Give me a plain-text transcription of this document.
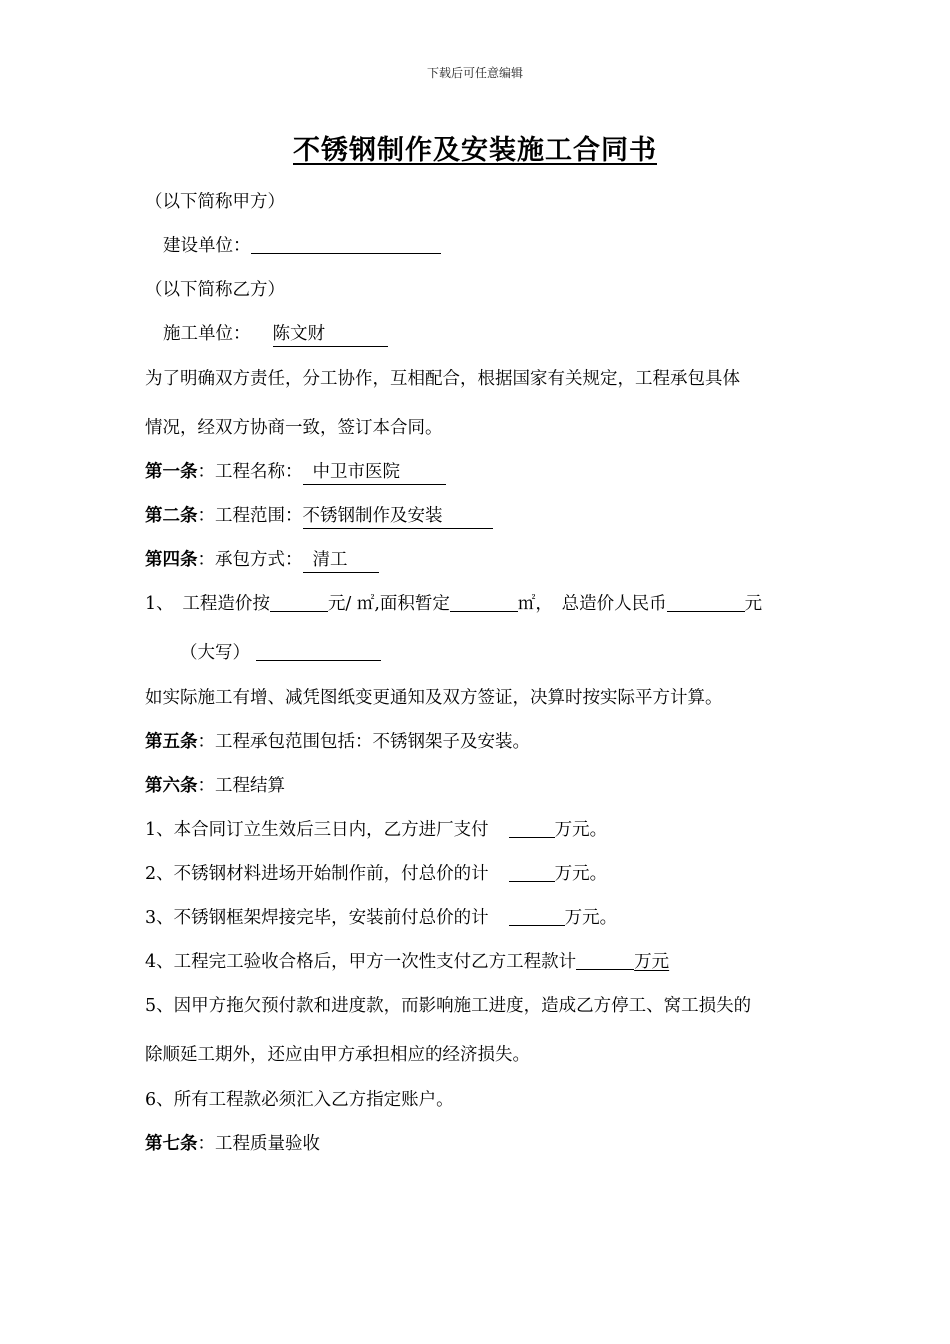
下载后可任意编辑
不锈钢制作及安装施工合同书
（以下简称甲方）
建设单位：
（以下简称乙方）
施工单位： 陈文财
为了明确双方责任，分工协作，互相配合，根据国家有关规定，工程承包具体
情况，经双方协商一致，签订本合同。
第一条：工程名称： 中卫市医院
第二条：工程范围：不锈钢制作及安装
第四条：承包方式： 清工
1、　工程造价按	元/ ㎡,面积暂定	㎡，　总造价人民币	元
（大写）
如实际施工有增、减凭图纸变更通知及双方签证，决算时按实际平方计算。
第五条：工程承包范围包括：不锈钢架子及安装。
第六条：工程结算
1、本合同订立生效后三日内，乙方进厂支付	万元。
2、不锈钢材料进场开始制作前，付总价的计	万元。
3、不锈钢框架焊接完毕，安装前付总价的计	万元。
4、工程完工验收合格后，甲方一次性支付乙方工程款计	万元
5、因甲方拖欠预付款和进度款，而影响施工进度，造成乙方停工、窝工损失的
除顺延工期外，还应由甲方承担相应的经济损失。
6、所有工程款必须汇入乙方指定账户。
第七条：工程质量验收
